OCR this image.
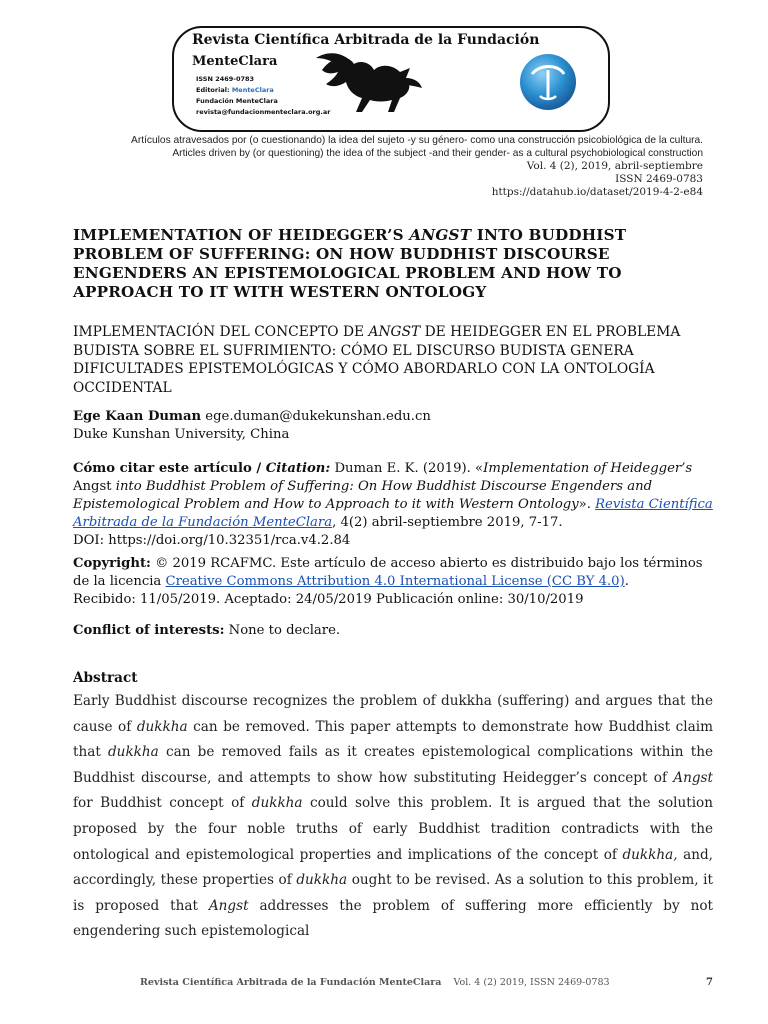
Revista Científica Arbitrada de la Fundación
MenteClara
ISSN 2469-0783
Editorial: MenteClara
Fundación MenteClara
revista@fundacionmenteclara.org.ar
Artículos atravesados por (o cuestionando) la idea del sujeto -y su género- como una construcción psicobiológica de la cultura.
Articles driven by (or questioning) the idea of the subject -and their gender- as a cultural psychobiological construction
Vol. 4 (2), 2019, abril-septiembre
ISSN 2469-0783
https://datahub.io/dataset/2019-4-2-e84
IMPLEMENTATION OF HEIDEGGER’S ANGST INTO BUDDHIST PROBLEM OF SUFFERING: ON HOW BUDDHIST DISCOURSE ENGENDERS AN EPISTEMOLOGICAL PROBLEM AND HOW TO APPROACH TO IT WITH WESTERN ONTOLOGY
IMPLEMENTACIÓN DEL CONCEPTO DE ANGST DE HEIDEGGER EN EL PROBLEMA BUDISTA SOBRE EL SUFRIMIENTO: CÓMO EL DISCURSO BUDISTA GENERA DIFICULTADES EPISTEMOLÓGICAS Y CÓMO ABORDARLO CON LA ONTOLOGÍA OCCIDENTAL
Ege Kaan Duman ege.duman@dukekunshan.edu.cn
Duke Kunshan University, China
Cómo citar este artículo / Citation: Duman E. K. (2019). «Implementation of Heidegger’s Angst into Buddhist Problem of Suffering: On How Buddhist Discourse Engenders and Epistemological Problem and How to Approach to it with Western Ontology». Revista Científica Arbitrada de la Fundación MenteClara, 4(2) abril-septiembre 2019, 7-17.
DOI: https://doi.org/10.32351/rca.v4.2.84
Copyright: © 2019 RCAFMC. Este artículo de acceso abierto es distribuido bajo los términos de la licencia Creative Commons Attribution 4.0 International License (CC BY 4.0).
Recibido: 11/05/2019. Aceptado: 24/05/2019 Publicación online: 30/10/2019
Conflict of interests: None to declare.
Abstract
Early Buddhist discourse recognizes the problem of dukkha (suffering) and argues that the cause of dukkha can be removed. This paper attempts to demonstrate how Buddhist claim that dukkha can be removed fails as it creates epistemological complications within the Buddhist discourse, and attempts to show how substituting Heidegger’s concept of Angst for Buddhist concept of dukkha could solve this problem. It is argued that the solution proposed by the four noble truths of early Buddhist tradition contradicts with the ontological and epistemological properties and implications of the concept of dukkha, and, accordingly, these properties of dukkha ought to be revised. As a solution to this problem, it is proposed that Angst addresses the problem of suffering more efficiently by not engendering such epistemological
Revista Científica Arbitrada de la Fundación MenteClara Vol. 4 (2) 2019, ISSN 2469-0783	7
